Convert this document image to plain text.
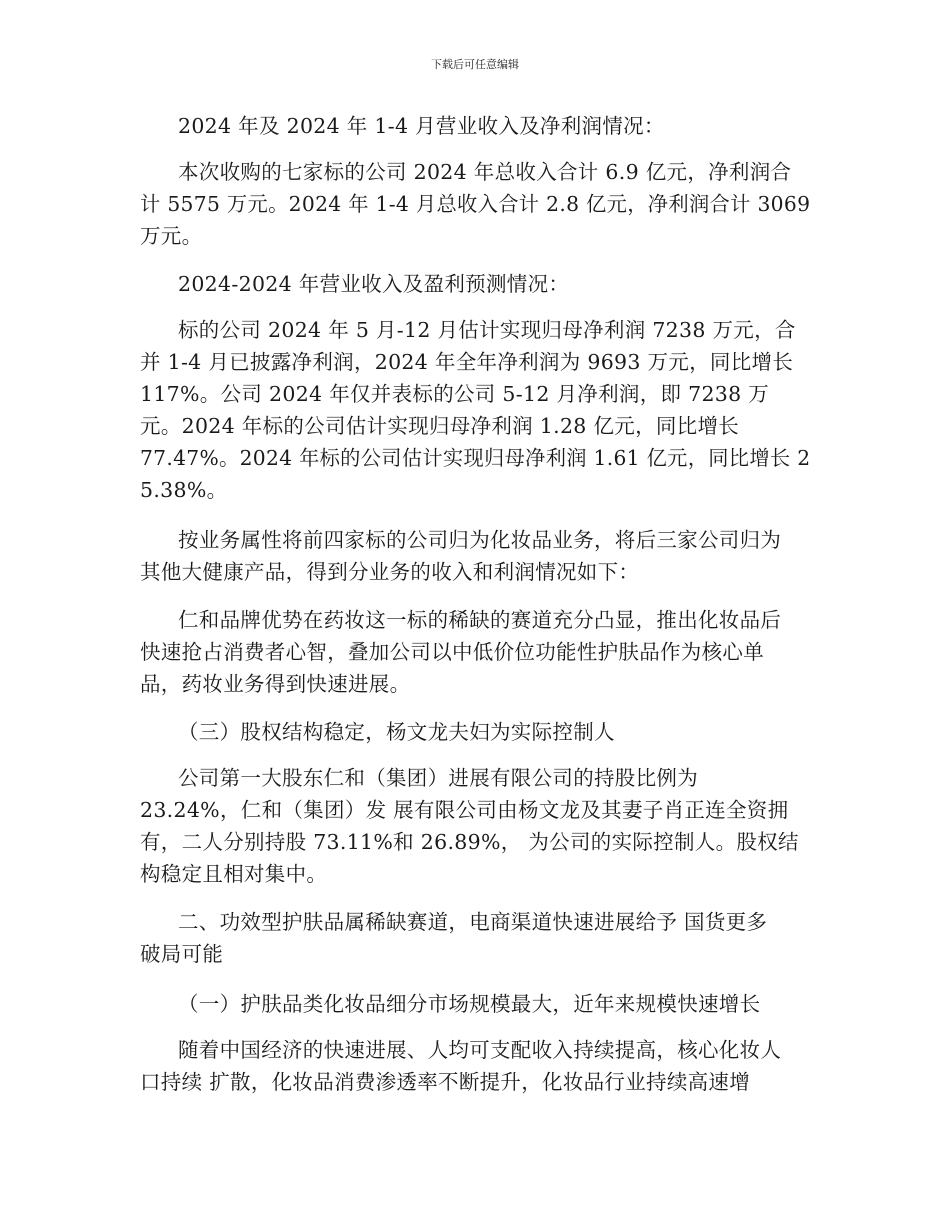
下载后可任意编辑
2024 年及 2024 年 1-4 月营业收入及净利润情况：
本次收购的七家标的公司 2024 年总收入合计 6.9 亿元，净利润合
计 5575 万元。2024 年 1-4 月总收入合计 2.8 亿元，净利润合计 3069
万元。
2024-2024 年营业收入及盈利预测情况：
标的公司 2024 年 5 月-12 月估计实现归母净利润 7238 万元，合
并 1-4 月已披露净利润，2024 年全年净利润为 9693 万元，同比增长
117%。公司 2024 年仅并表标的公司 5-12 月净利润，即 7238 万
元。2024 年标的公司估计实现归母净利润 1.28 亿元，同比增长
77.47%。2024 年标的公司估计实现归母净利润 1.61 亿元，同比增长 2
5.38%。
按业务属性将前四家标的公司归为化妆品业务，将后三家公司归为
其他大健康产品，得到分业务的收入和利润情况如下：
仁和品牌优势在药妆这一标的稀缺的赛道充分凸显，推出化妆品后
快速抢占消费者心智，叠加公司以中低价位功能性护肤品作为核心单
品，药妆业务得到快速进展。
（三）股权结构稳定，杨文龙夫妇为实际控制人
公司第一大股东仁和（集团）进展有限公司的持股比例为
23.24%，仁和（集团）发 展有限公司由杨文龙及其妻子肖正连全资拥
有，二人分别持股 73.11%和 26.89%， 为公司的实际控制人。股权结
构稳定且相对集中。
二、功效型护肤品属稀缺赛道，电商渠道快速进展给予 国货更多
破局可能
（一）护肤品类化妆品细分市场规模最大，近年来规模快速增长
随着中国经济的快速进展、人均可支配收入持续提高，核心化妆人
口持续 扩散，化妆品消费渗透率不断提升，化妆品行业持续高速增
